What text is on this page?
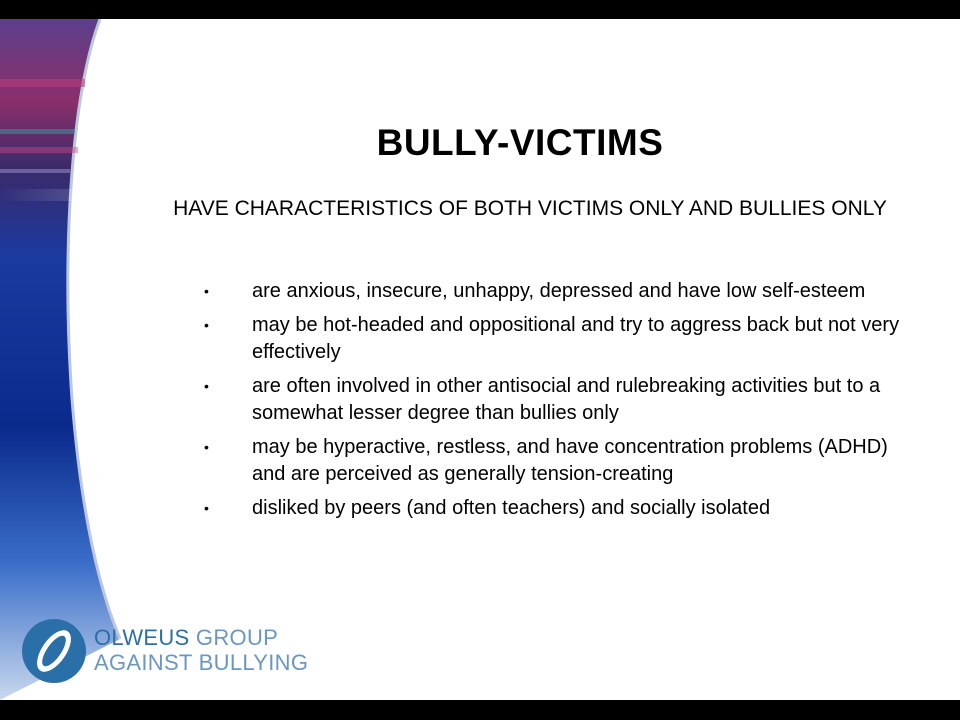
BULLY-VICTIMS
HAVE CHARACTERISTICS OF BOTH VICTIMS ONLY AND BULLIES ONLY
• are anxious, insecure, unhappy, depressed and have low self-esteem
• may be hot-headed and oppositional and try to aggress back but not very effectively
• are often involved in other antisocial and rulebreaking activities but to a somewhat lesser degree than bullies only
• may be hyperactive, restless, and have concentration problems (ADHD) and are perceived as generally tension-creating
• disliked by peers (and often teachers) and socially isolated
OLWEUS GROUP
AGAINST BULLYING
